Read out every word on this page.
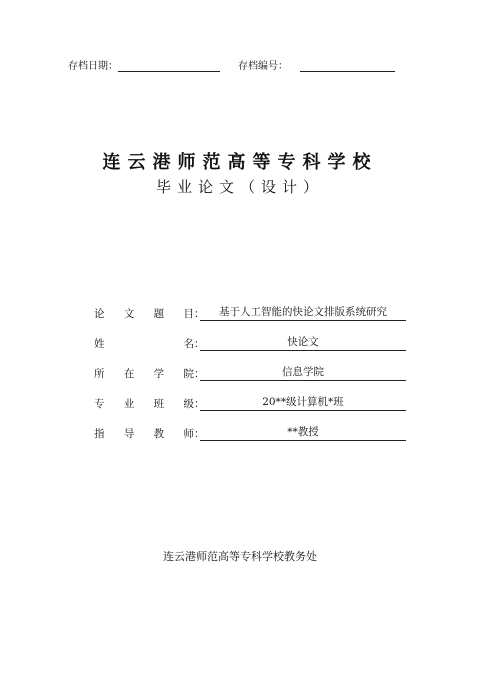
存档日期：	存档编号：
连云港师范高等专科学校
毕业论文（设计）
论 文 题 目 ：	基于人工智能的快论文排版系统研究
姓	名 ：	快论文
所 在 学 院 ：	信息学院
专 业 班 级 ：	20**级计算机*班
指 导 教 师 ：	**教授
连云港师范高等专科学校教务处
